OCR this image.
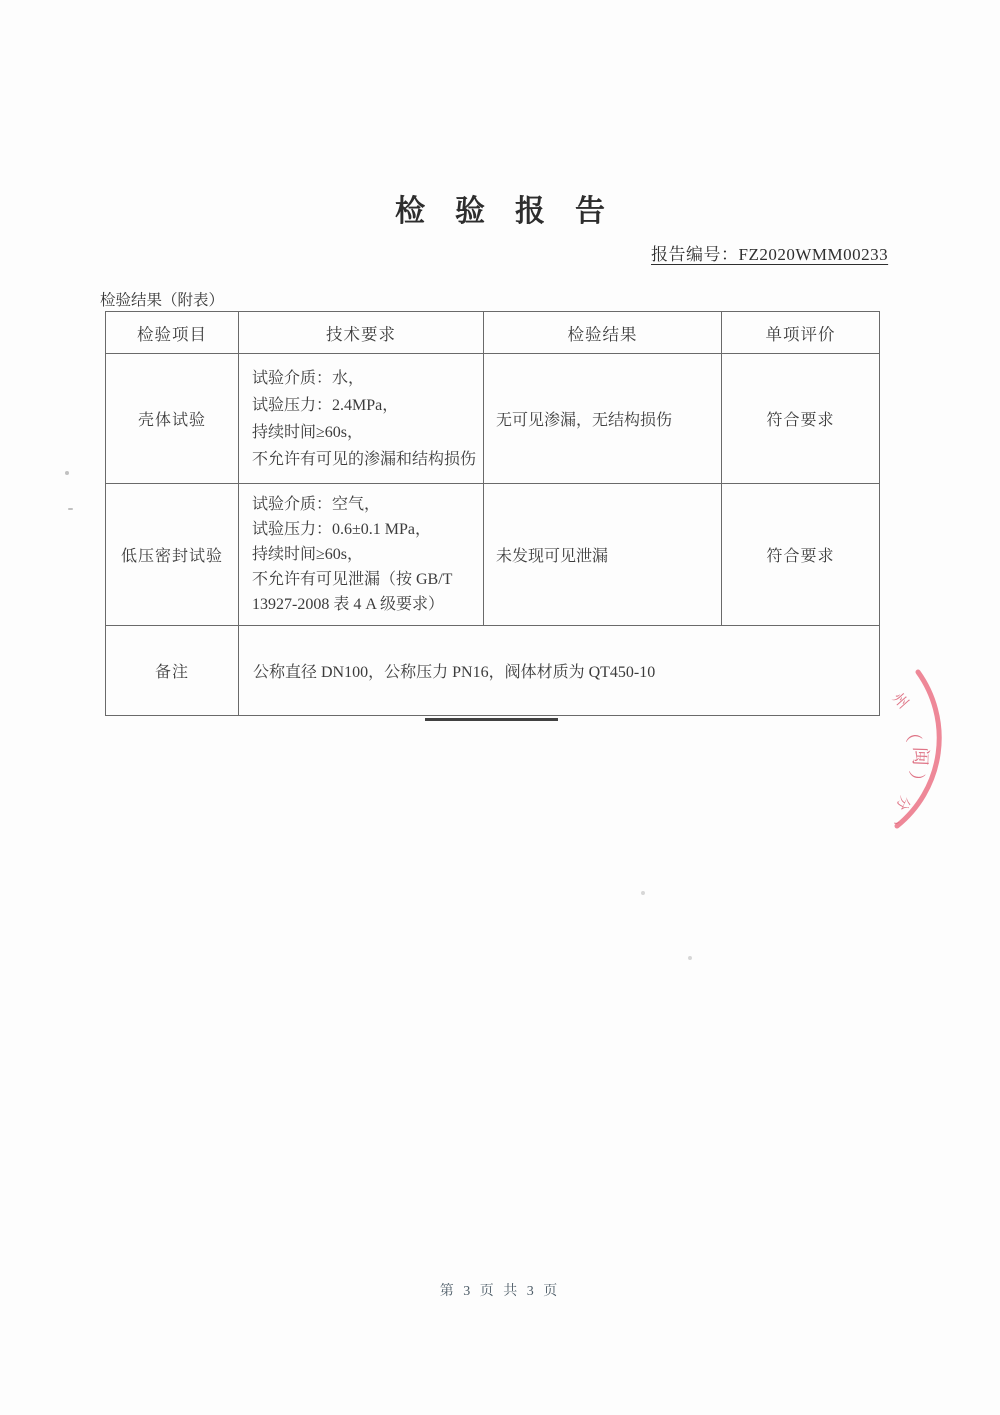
检　验　报　告
报告编号：FZ2020WMM00233
检验结果（附表）
检验项目	技术要求	检验结果	单项评价
壳体试验	试验介质：水，
试验压力：2.4MPa，
持续时间≥60s，
不允许有可见的渗漏和结构损伤	无可见渗漏，无结构损伤	符合要求
低压密封试验	试验介质：空气，
试验压力：0.6±0.1 MPa，
持续时间≥60s，
不允许有可见泄漏（按 GB/T
13927-2008 表 4 A 级要求）	未发现可见泄漏	符合要求
备注	公称直径 DN100，公称压力 PN16，阀体材质为 QT450-10		
州
（
闽
）
分
丶
第 3 页 共 3 页
